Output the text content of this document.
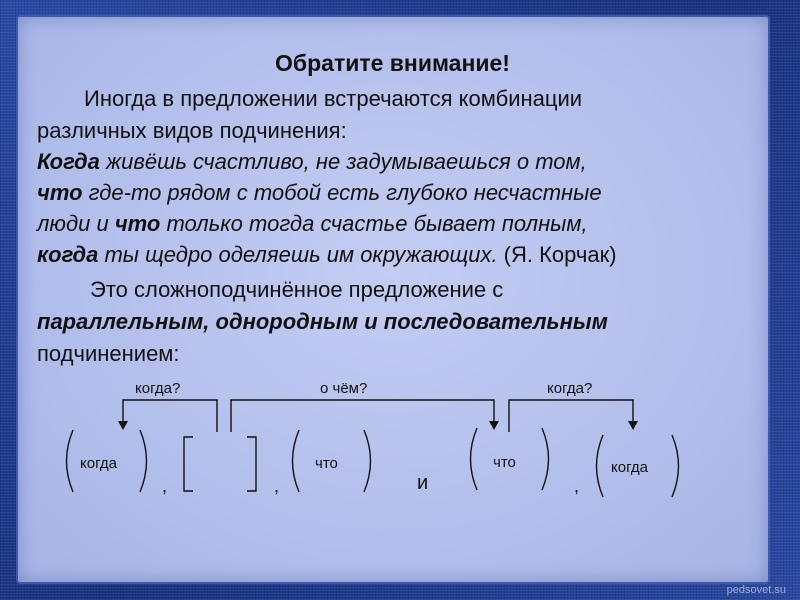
Обратите внимание!
Иногда в предложении встречаются комбинации
различных видов подчинения:
Когда живёшь счастливо, не задумываешься о том,
что где-то рядом с тобой есть глубоко несчастные
люди и что только тогда счастье бывает полным,
когда ты щедро оделяешь им окружающих. (Я. Корчак)
Это сложноподчинённое предложение с
параллельным, однородным и последовательным
подчинением:
когда?	о чём?	когда?
когда	что	что	когда
,	,	и	,
pedsovet.su
